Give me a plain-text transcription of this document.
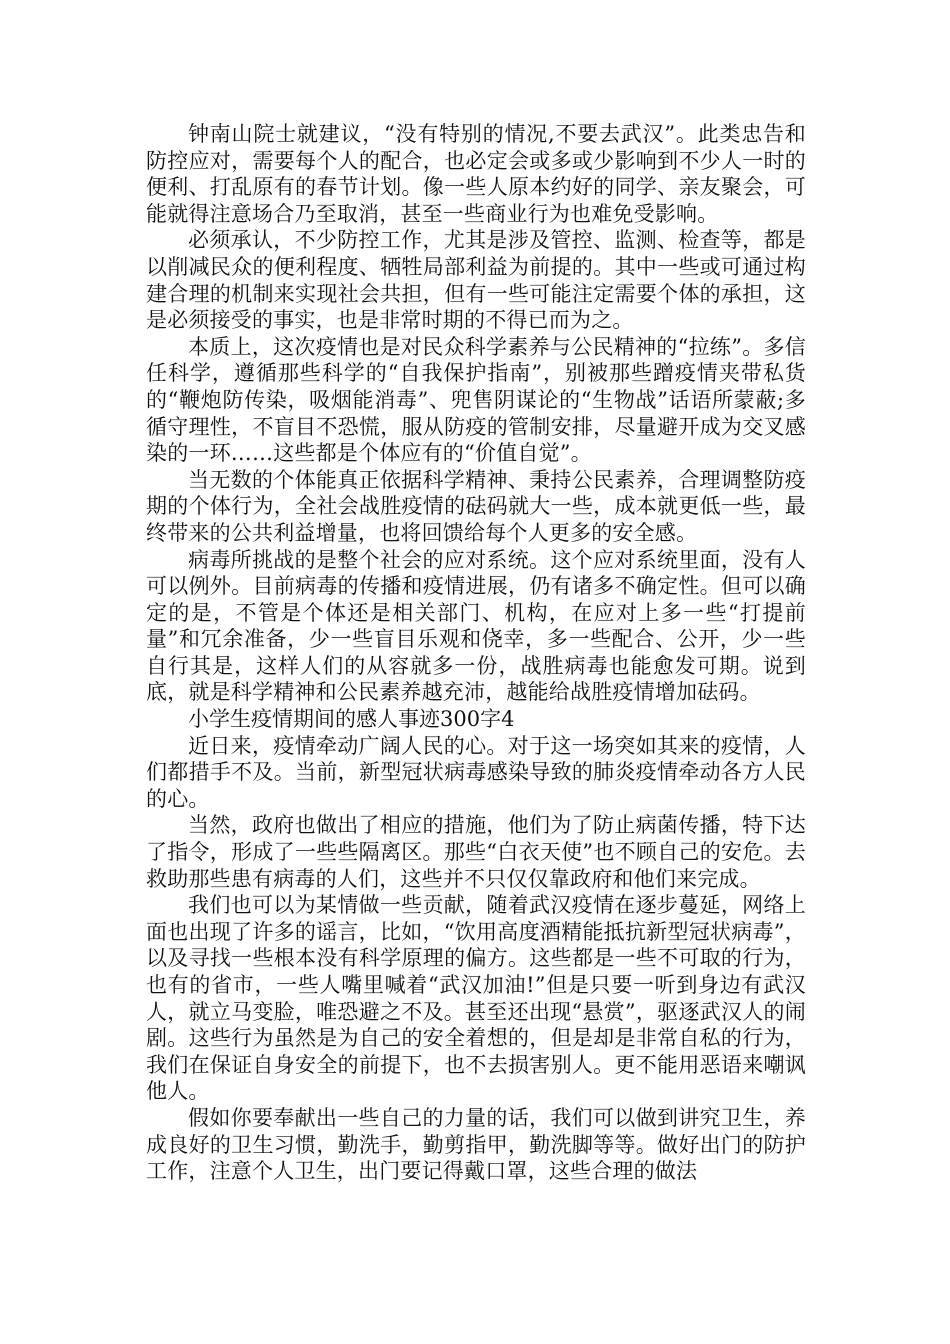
钟南山院士就建议，“没有特别的情况,不要去武汉”。此类忠告和防控应对，需要每个人的配合，也必定会或多或少影响到不少人一时的便利、打乱原有的春节计划。像一些人原本约好的同学、亲友聚会，可能就得注意场合乃至取消，甚至一些商业行为也难免受影响。

必须承认，不少防控工作，尤其是涉及管控、监测、检查等，都是以削减民众的便利程度、牺牲局部利益为前提的。其中一些或可通过构建合理的机制来实现社会共担，但有一些可能注定需要个体的承担，这是必须接受的事实，也是非常时期的不得已而为之。

本质上，这次疫情也是对民众科学素养与公民精神的“拉练”。多信任科学，遵循那些科学的“自我保护指南”，别被那些蹭疫情夹带私货的“鞭炮防传染，吸烟能消毒”、兜售阴谋论的“生物战”话语所蒙蔽;多循守理性，不盲目不恐慌，服从防疫的管制安排，尽量避开成为交叉感染的一环……这些都是个体应有的“价值自觉”。

当无数的个体能真正依据科学精神、秉持公民素养，合理调整防疫期的个体行为，全社会战胜疫情的砝码就大一些，成本就更低一些，最终带来的公共利益增量，也将回馈给每个人更多的安全感。

病毒所挑战的是整个社会的应对系统。这个应对系统里面，没有人可以例外。目前病毒的传播和疫情进展，仍有诸多不确定性。但可以确定的是，不管是个体还是相关部门、机构，在应对上多一些“打提前量”和冗余准备，少一些盲目乐观和侥幸，多一些配合、公开，少一些自行其是，这样人们的从容就多一份，战胜病毒也能愈发可期。说到底，就是科学精神和公民素养越充沛，越能给战胜疫情增加砝码。

小学生疫情期间的感人事迹300字4

近日来，疫情牵动广阔人民的心。对于这一场突如其来的疫情，人们都措手不及。当前，新型冠状病毒感染导致的肺炎疫情牵动各方人民的心。

当然，政府也做出了相应的措施，他们为了防止病菌传播，特下达了指令，形成了一些些隔离区。那些“白衣天使”也不顾自己的安危。去救助那些患有病毒的人们，这些并不只仅仅靠政府和他们来完成。

我们也可以为某情做一些贡献，随着武汉疫情在逐步蔓延，网络上面也出现了许多的谣言，比如，“饮用高度酒精能抵抗新型冠状病毒”，以及寻找一些根本没有科学原理的偏方。这些都是一些不可取的行为，也有的省市，一些人嘴里喊着“武汉加油!”但是只要一听到身边有武汉人，就立马变脸，唯恐避之不及。甚至还出现“悬赏”，驱逐武汉人的闹剧。这些行为虽然是为自己的安全着想的，但是却是非常自私的行为，我们在保证自身安全的前提下，也不去损害别人。更不能用恶语来嘲讽他人。

假如你要奉献出一些自己的力量的话，我们可以做到讲究卫生，养成良好的卫生习惯，勤洗手，勤剪指甲，勤洗脚等等。做好出门的防护工作，注意个人卫生，出门要记得戴口罩，这些合理的做法
